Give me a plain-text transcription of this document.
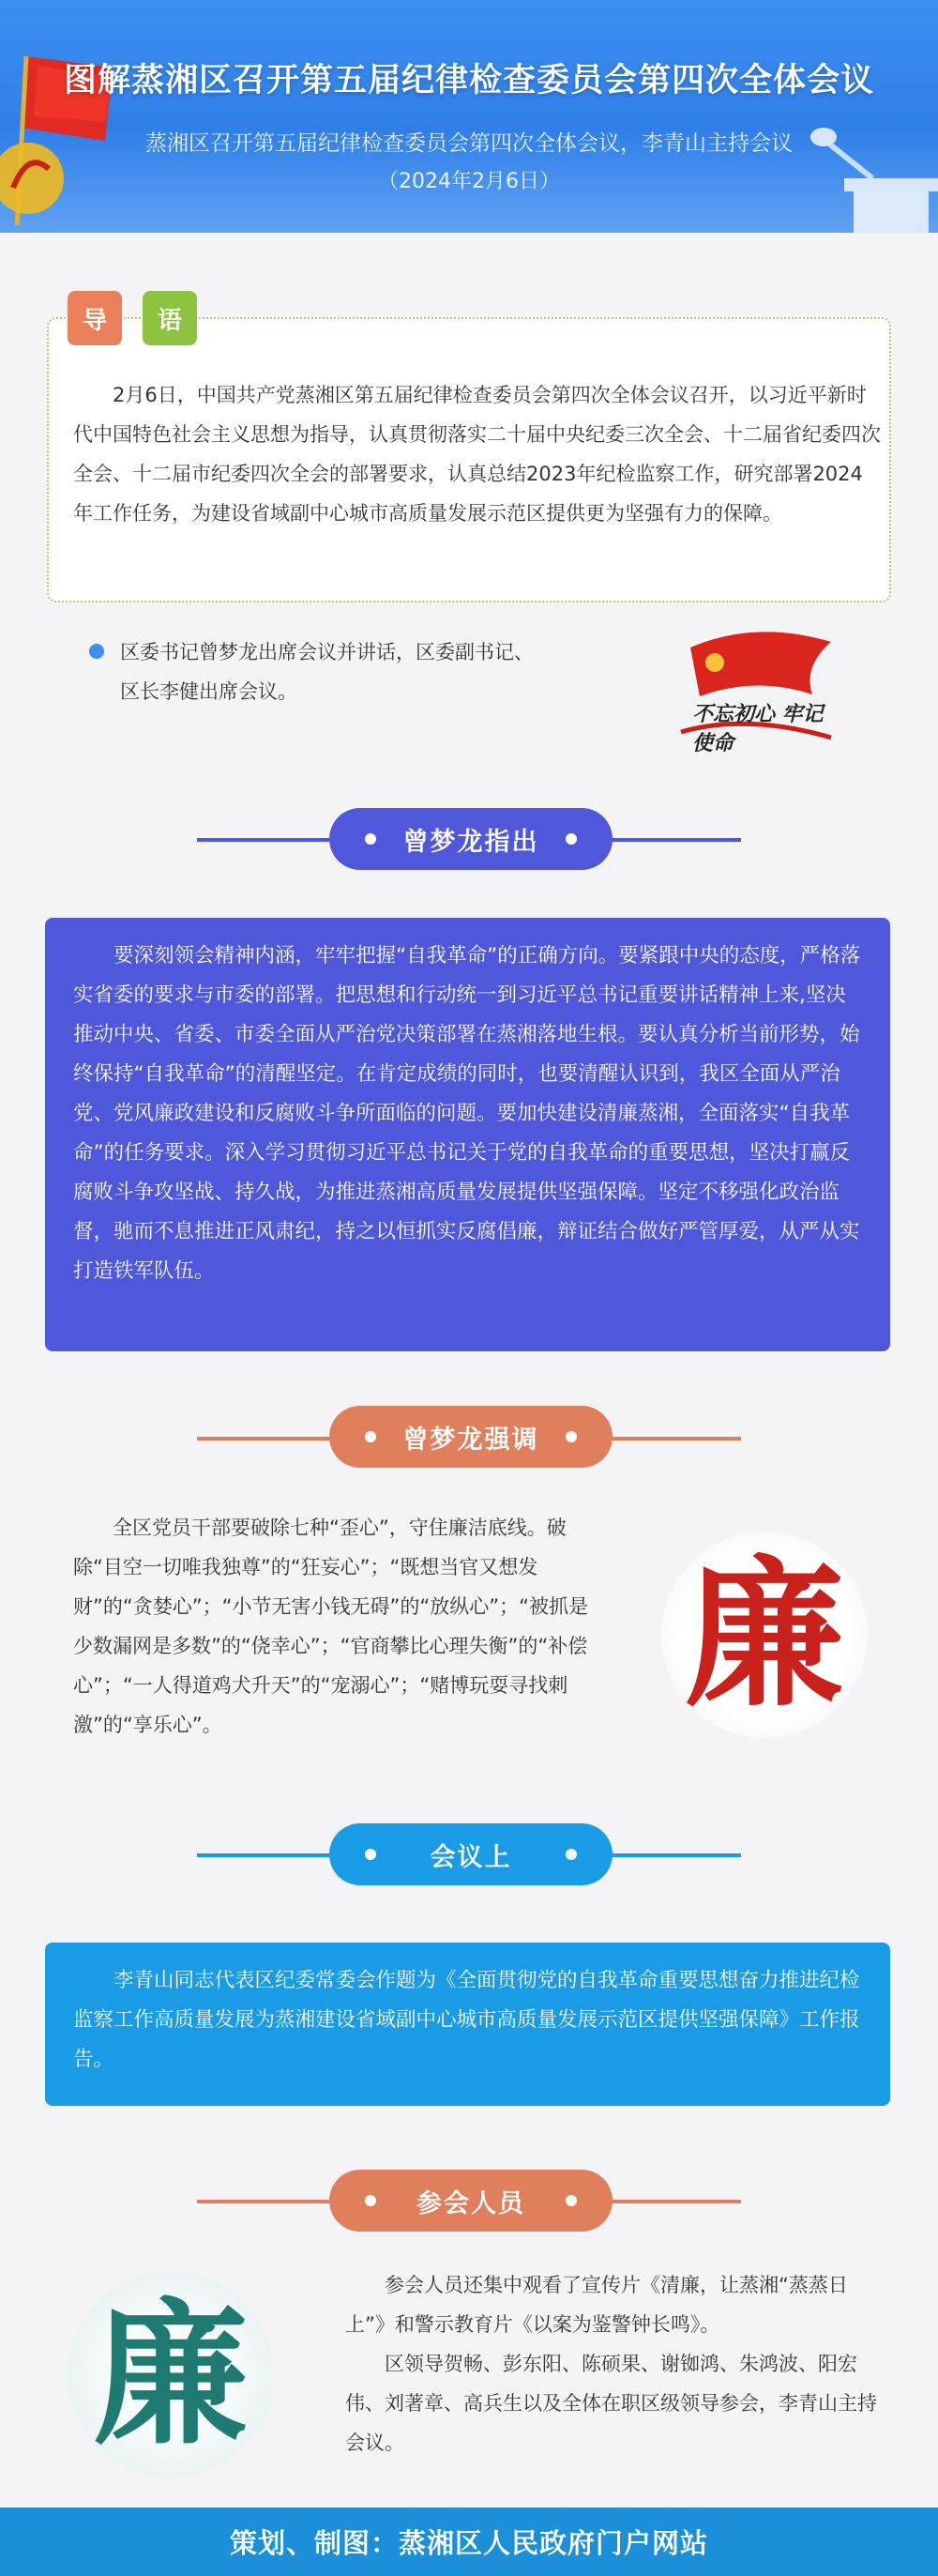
图解蒸湘区召开第五届纪律检查委员会第四次全体会议
蒸湘区召开第五届纪律检查委员会第四次全体会议，李青山主持会议
（2024年2月6日）
导	语
2月6日，中国共产党蒸湘区第五届纪律检查委员会第四次全体会议召开，以习近平新时代中国特色社会主义思想为指导，认真贯彻落实二十届中央纪委三次全会、十二届省纪委四次全会、十二届市纪委四次全会的部署要求，认真总结2023年纪检监察工作，研究部署2024年工作任务，为建设省域副中心城市高质量发展示范区提供更为坚强有力的保障。
区委书记曾梦龙出席会议并讲话，区委副书记、区长李健出席会议。
不忘初心 牢记使命
曾梦龙指出
要深刻领会精神内涵，牢牢把握“自我革命”的正确方向。要紧跟中央的态度，严格落实省委的要求与市委的部署。把思想和行动统一到习近平总书记重要讲话精神上来,坚决推动中央、省委、市委全面从严治党决策部署在蒸湘落地生根。要认真分析当前形势，始终保持“自我革命”的清醒坚定。在肯定成绩的同时，也要清醒认识到，我区全面从严治党、党风廉政建设和反腐败斗争所面临的问题。要加快建设清廉蒸湘，全面落实“自我革命”的任务要求。深入学习贯彻习近平总书记关于党的自我革命的重要思想，坚决打赢反腐败斗争攻坚战、持久战，为推进蒸湘高质量发展提供坚强保障。坚定不移强化政治监督，驰而不息推进正风肃纪，持之以恒抓实反腐倡廉，辩证结合做好严管厚爱，从严从实打造铁军队伍。
曾梦龙强调
全区党员干部要破除七种“歪心”，守住廉洁底线。破除“目空一切唯我独尊”的“狂妄心”；“既想当官又想发财”的“贪婪心”；“小节无害小钱无碍”的“放纵心”；“被抓是少数漏网是多数”的“侥幸心”；“官商攀比心理失衡”的“补偿心”；“一人得道鸡犬升天”的“宠溺心”；“赌博玩耍寻找刺激”的“享乐心”。	廉
会议上
李青山同志代表区纪委常委会作题为《全面贯彻党的自我革命重要思想奋力推进纪检监察工作高质量发展为蒸湘建设省域副中心城市高质量发展示范区提供坚强保障》工作报告。
参会人员
廉	参会人员还集中观看了宣传片《清廉，让蒸湘“蒸蒸日上”》和警示教育片《以案为鉴警钟长鸣》。
区领导贺畅、彭东阳、陈硕果、谢铷鸿、朱鸿波、阳宏伟、刘著章、高兵生以及全体在职区级领导参会，李青山主持会议。
策划、制图：蒸湘区人民政府门户网站
